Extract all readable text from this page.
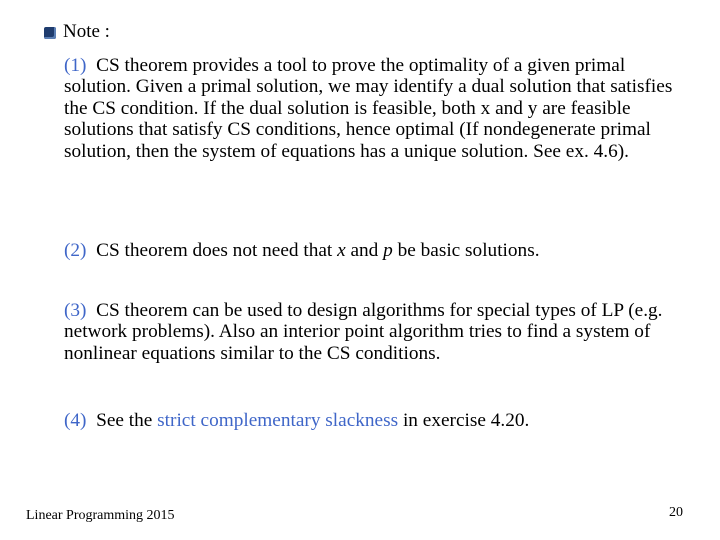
Note :
(1) CS theorem provides a tool to prove the optimality of a given primal solution. Given a primal solution, we may identify a dual solution that satisfies the CS condition. If the dual solution is feasible, both x and y are feasible solutions that satisfy CS conditions, hence optimal (If nondegenerate primal solution, then the system of equations has a unique solution. See ex. 4.6).
(2) CS theorem does not need that x and p be basic solutions.
(3) CS theorem can be used to design algorithms for special types of LP (e.g. network problems). Also an interior point algorithm tries to find a system of nonlinear equations similar to the CS conditions.
(4) See the strict complementary slackness in exercise 4.20.
Linear Programming 2015	20
